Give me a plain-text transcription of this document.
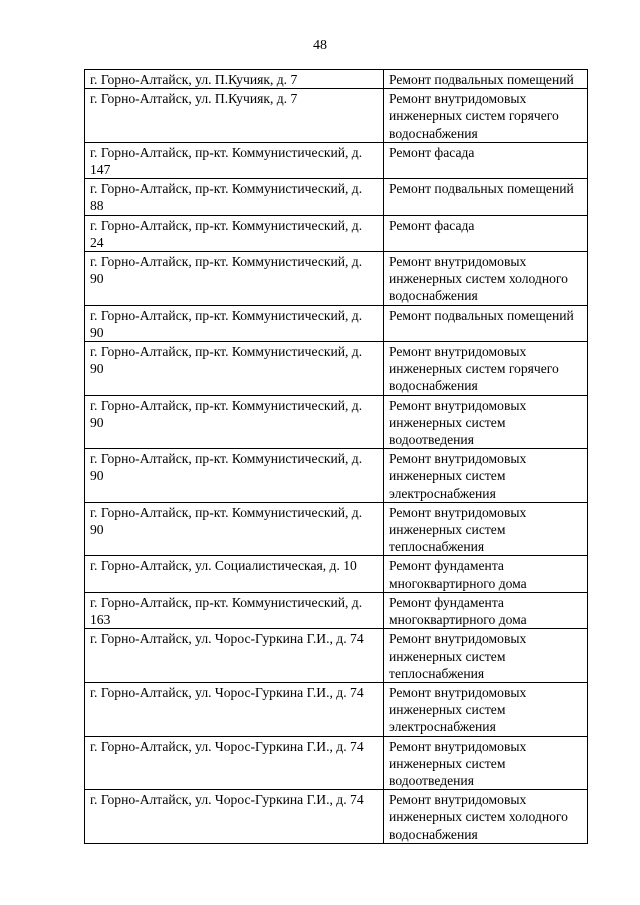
48
г. Горно-Алтайск, ул. П.Кучияк, д. 7	Ремонт подвальных помещений
г. Горно-Алтайск, ул. П.Кучияк, д. 7	Ремонт внутридомовых инженерных систем горячего водоснабжения
г. Горно-Алтайск, пр-кт. Коммунистический, д. 147	Ремонт фасада
г. Горно-Алтайск, пр-кт. Коммунистический, д. 88	Ремонт подвальных помещений
г. Горно-Алтайск, пр-кт. Коммунистический, д. 24	Ремонт фасада
г. Горно-Алтайск, пр-кт. Коммунистический, д. 90	Ремонт внутридомовых инженерных систем холодного водоснабжения
г. Горно-Алтайск, пр-кт. Коммунистический, д. 90	Ремонт подвальных помещений
г. Горно-Алтайск, пр-кт. Коммунистический, д. 90	Ремонт внутридомовых инженерных систем горячего водоснабжения
г. Горно-Алтайск, пр-кт. Коммунистический, д. 90	Ремонт внутридомовых инженерных систем водоотведения
г. Горно-Алтайск, пр-кт. Коммунистический, д. 90	Ремонт внутридомовых инженерных систем электроснабжения
г. Горно-Алтайск, пр-кт. Коммунистический, д. 90	Ремонт внутридомовых инженерных систем теплоснабжения
г. Горно-Алтайск, ул. Социалистическая, д. 10	Ремонт фундамента многоквартирного дома
г. Горно-Алтайск, пр-кт. Коммунистический, д. 163	Ремонт фундамента многоквартирного дома
г. Горно-Алтайск, ул. Чорос-Гуркина Г.И., д. 74	Ремонт внутридомовых инженерных систем теплоснабжения
г. Горно-Алтайск, ул. Чорос-Гуркина Г.И., д. 74	Ремонт внутридомовых инженерных систем электроснабжения
г. Горно-Алтайск, ул. Чорос-Гуркина Г.И., д. 74	Ремонт внутридомовых инженерных систем водоотведения
г. Горно-Алтайск, ул. Чорос-Гуркина Г.И., д. 74	Ремонт внутридомовых инженерных систем холодного водоснабжения
